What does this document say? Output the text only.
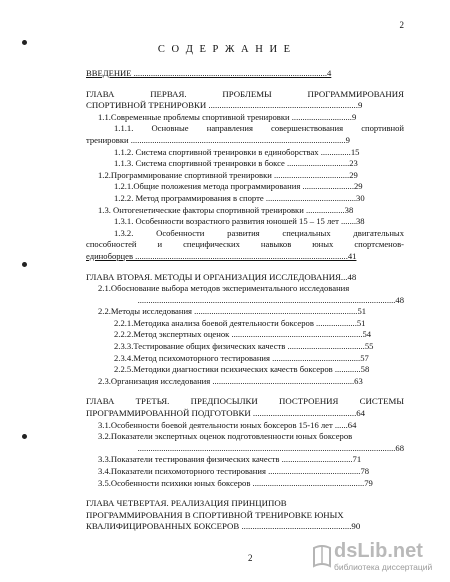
2
С О Д Е Р Ж А Н И Е
ВВЕДЕНИЕ ..........................................................................................4
ГЛАВА ПЕРВАЯ. ПРОБЛЕМЫ ПРОГРАММИРОВАНИЯ
СПОРТИВНОЙ ТРЕНИРОВКИ ....................................................................9
1.1.Современные проблемы спортивной тренировки ............................9
1.1.1. Основные направления совершенствования спортивной
тренировки ....................................................................................................9
1.1.2. Система спортивной тренировки в единоборствах ..............15
1.1.3. Система спортивной тренировки в боксе .............................23
1.2.Программирование спортивной тренировки ...................................29
1.2.1.Общие положения метода программирования ........................29
1.2.2. Метод программирования в спорте ..........................................30
1.3. Онтогенетические факторы спортивной тренировки ..................38
1.3.1. Особенности возрастного развития юношей 15 – 15 лет .......38
1.3.2. Особенности развития специальных двигательных
способностей и специфических навыков юных спортсменов-
единоборцев ...................................................................................................41
ГЛАВА ВТОРАЯ. МЕТОДЫ И ОРГАНИЗАЦИЯ ИССЛЕДОВАНИЯ...48
2.1.Обоснование выбора методов экспериментального исследования
........................................................................................................................48
2.2.Методы исследования ............................................................................51
2.2.1.Методика анализа боевой деятельности боксеров ...................51
2.2.2.Метод экспертных оценок .............................................................54
2.3.3.Тестирование общих физических качеств ....................................55
2.3.4.Метод психомоторного тестирования .........................................57
2.2.5.Методики диагностики психических качеств боксеров ............58
2.3.Организация исследования ..................................................................63
ГЛАВА ТРЕТЬЯ. ПРЕДПОСЫЛКИ ПОСТРОЕНИЯ СИСТЕМЫ
ПРОГРАММИРОВАННОЙ ПОДГОТОВКИ ...............................................64
3.1.Особенности боевой деятельности юных боксеров 15-16 лет ......64
3.2.Показатели экспертных оценок подготовленности юных боксеров
........................................................................................................................68
3.3.Показатели тестирования физических качеств .................................71
3.4.Показатели психомоторного тестирования ...........................................78
3.5.Особенности психики юных боксеров ....................................................79
ГЛАВА ЧЕТВЕРТАЯ. РЕАЛИЗАЦИЯ ПРИНЦИПОВ
ПРОГРАММИРОВАНИЯ В СПОРТИВНОЙ ТРЕНИРОВКЕ ЮНЫХ
КВАЛИФИЦИРОВАННЫХ БОКСЕРОВ ..................................................90
2	dsLib.net
библиотека диссертаций
